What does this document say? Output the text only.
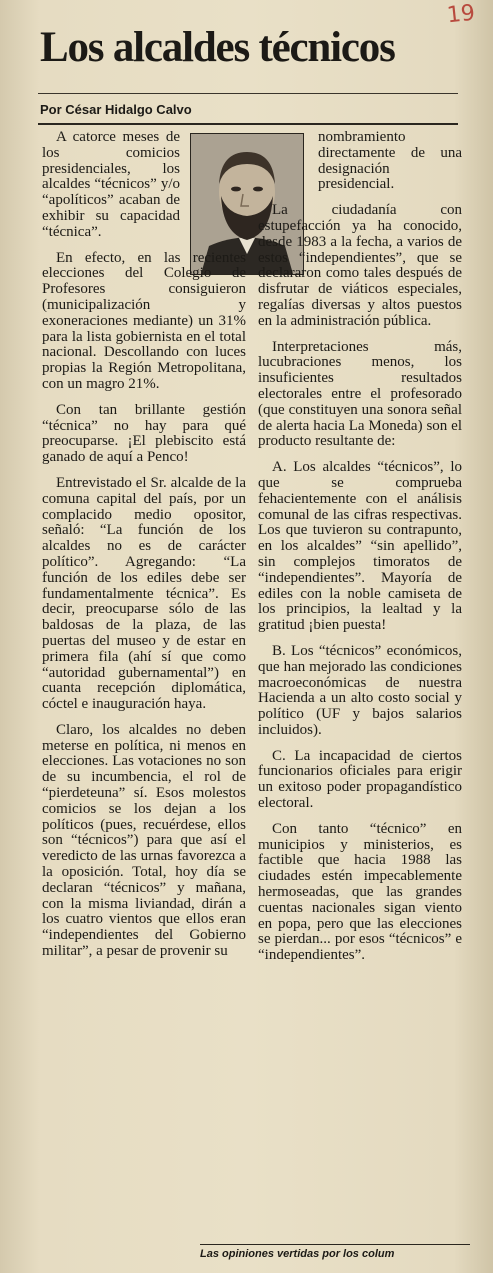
19
Los alcaldes técnicos
Por César Hidalgo Calvo

A catorce meses de los comicios presidenciales, los alcaldes “técnicos” y/o “apolíticos” acaban de exhibir su capacidad “técnica”.

En efecto, en las recientes elecciones del Colegio de Profesores consiguieron (municipalización y exoneraciones mediante) un 31% para la lista gobiernista en el total nacional. Descollando con luces propias la Región Metropolitana, con un magro 21%.

Con tan brillante gestión “técnica” no hay para qué preocuparse. ¡El plebiscito está ganado de aquí a Penco!

Entrevistado el Sr. alcalde de la comuna capital del país, por un complacido medio opositor, señaló: “La función de los alcaldes no es de carácter político”. Agregando: “La función de los ediles debe ser fundamentalmente técnica”. Es decir, preocuparse sólo de las baldosas de la plaza, de las puertas del museo y de estar en primera fila (ahí sí que como “autoridad gubernamental”) en cuanta recepción diplomática, cóctel e inauguración haya.

Claro, los alcaldes no deben meterse en política, ni menos en elecciones. Las votaciones no son de su incumbencia, el rol de “pierdeteuna” sí. Esos molestos comicios se los dejan a los políticos (pues, recuérdese, ellos son “técnicos”) para que así el veredicto de las urnas favorezca a la oposición. Total, hoy día se declaran “técnicos” y mañana, con la misma liviandad, dirán a los cuatro vientos que ellos eran “independientes del Gobierno militar”, a pesar de provenir su

nombramiento directamente de una designación presidencial.

La ciudadanía con estupefacción ya ha conocido, desde 1983 a la fecha, a varios de estos “independientes”, que se declararon como tales después de disfrutar de viáticos especiales, regalías diversas y altos puestos en la administración pública.

Interpretaciones más, lucubraciones menos, los insuficientes resultados electorales entre el profesorado (que constituyen una sonora señal de alerta hacia La Moneda) son el producto resultante de:

A. Los alcaldes “técnicos”, lo que se comprueba fehacientemente con el análisis comunal de las cifras respectivas. Los que tuvieron su contrapunto, en los alcaldes” “sin apellido”, sin complejos timoratos de “independientes”. Mayoría de ediles con la noble camiseta de los principios, la lealtad y la gratitud ¡bien puesta!

B. Los “técnicos” económicos, que han mejorado las condiciones macroeconómicas de nuestra Hacienda a un alto costo social y político (UF y bajos salarios incluidos).

C. La incapacidad de ciertos funcionarios oficiales para erigir un exitoso poder propagandístico electoral.

Con tanto “técnico” en municipios y ministerios, es factible que hacia 1988 las ciudades estén impecablemente hermoseadas, que las grandes cuentas nacionales sigan viento en popa, pero que las elecciones se pierdan... por esos “técnicos” e “independientes”.

Las opiniones vertidas por los colum
